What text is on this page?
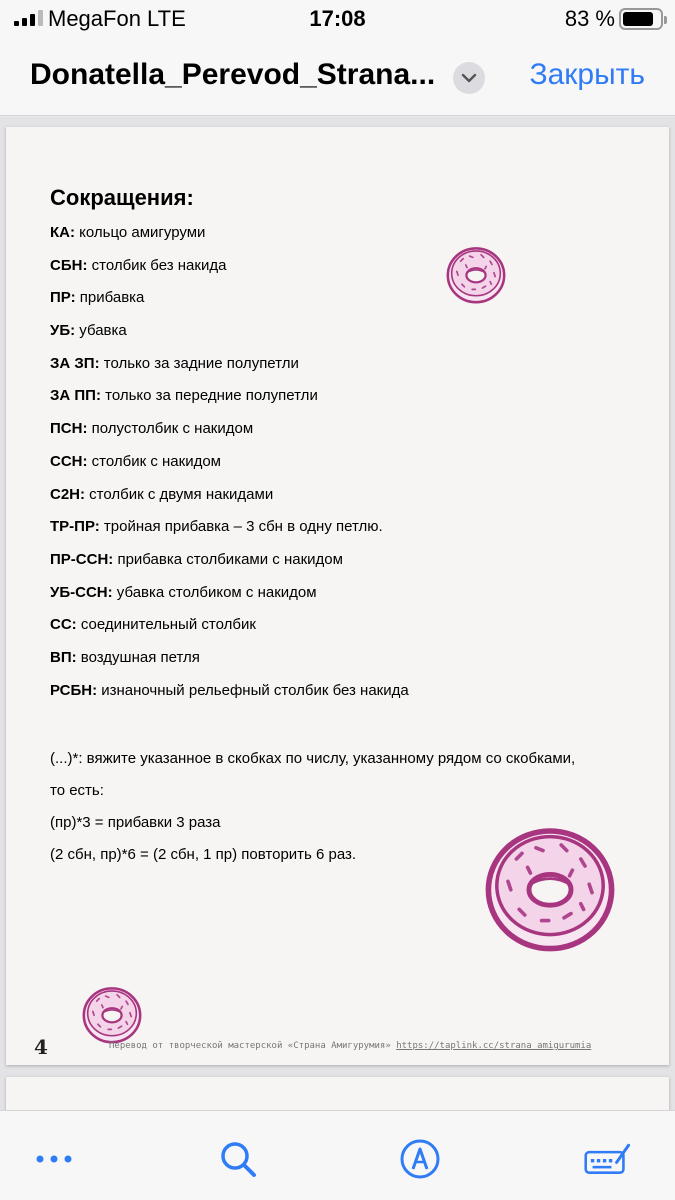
MegaFon LTE	17:08	83 %
Donatella_Perevod_Strana...	Закрыть
Сокращения:
КА: кольцо амигуруми
СБН: столбик без накида
ПР: прибавка
УБ: убавка
ЗА ЗП: только за задние полупетли
ЗА ПП: только за передние полупетли
ПСН: полустолбик с накидом
ССН: столбик с накидом
С2Н: столбик с двумя накидами
ТР-ПР: тройная прибавка – 3 сбн в одну петлю.
ПР-ССН: прибавка столбиками с накидом
УБ-ССН: убавка столбиком с накидом
СС: соединительный столбик
ВП: воздушная петля
РСБН: изнаночный рельефный столбик без накида
(...)*: вяжите указанное в скобках по числу, указанному рядом со скобками,
то есть:
(пр)*3 = прибавки 3 раза
(2 сбн, пр)*6 = (2 сбн, 1 пр) повторить 6 раз.
4	Перевод от творческой мастерской «Страна Амигурумия» https://taplink.cc/strana_amigurumia
